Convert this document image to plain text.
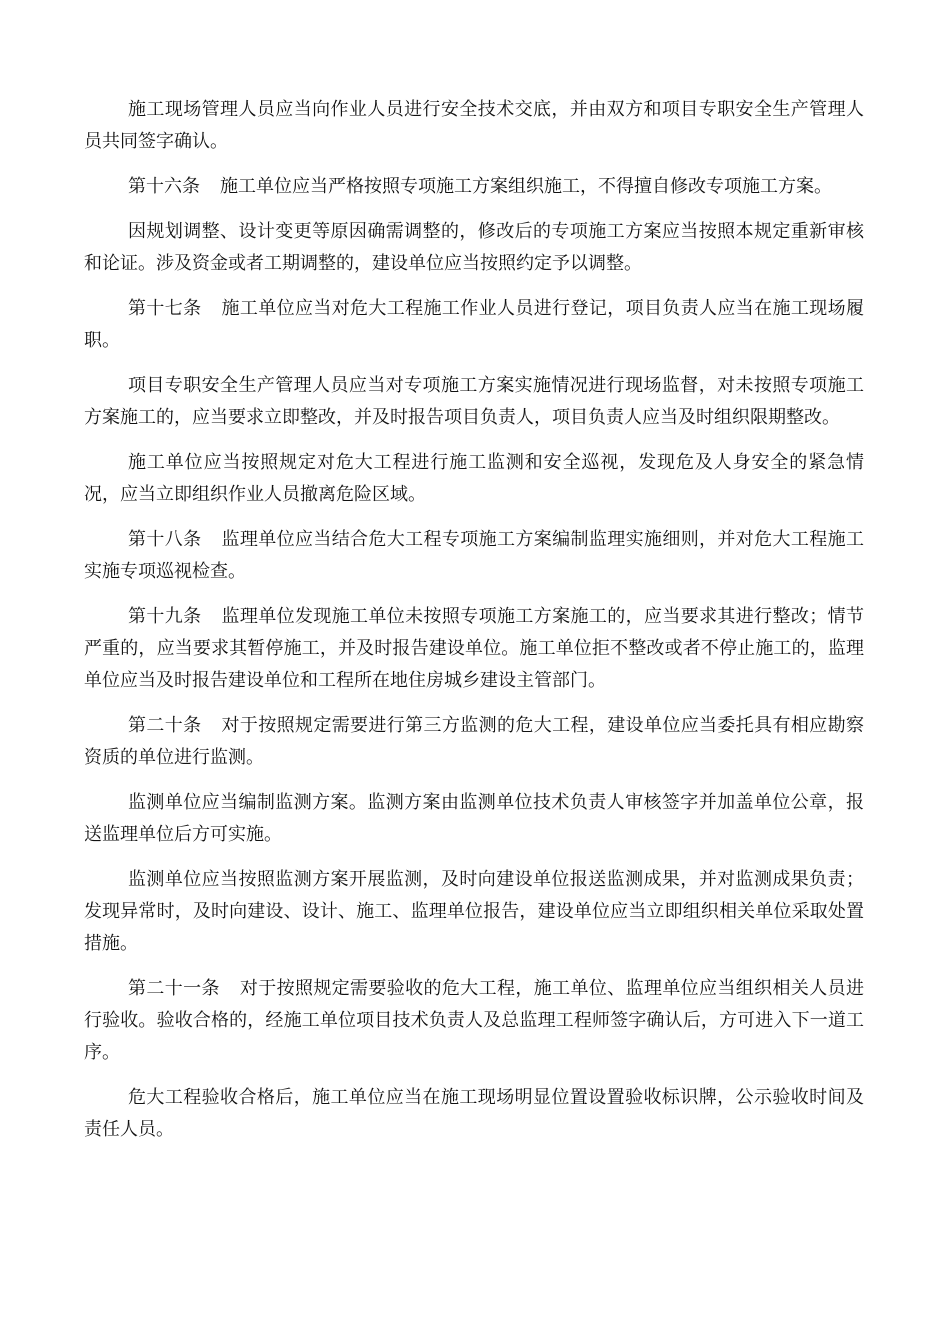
施工现场管理人员应当向作业人员进行安全技术交底，并由双方和项目专职安全生产管理人员共同签字确认。

第十六条 施工单位应当严格按照专项施工方案组织施工，不得擅自修改专项施工方案。

因规划调整、设计变更等原因确需调整的，修改后的专项施工方案应当按照本规定重新审核和论证。涉及资金或者工期调整的，建设单位应当按照约定予以调整。

第十七条 施工单位应当对危大工程施工作业人员进行登记，项目负责人应当在施工现场履职。

项目专职安全生产管理人员应当对专项施工方案实施情况进行现场监督，对未按照专项施工方案施工的，应当要求立即整改，并及时报告项目负责人，项目负责人应当及时组织限期整改。

施工单位应当按照规定对危大工程进行施工监测和安全巡视，发现危及人身安全的紧急情况，应当立即组织作业人员撤离危险区域。

第十八条 监理单位应当结合危大工程专项施工方案编制监理实施细则，并对危大工程施工实施专项巡视检查。

第十九条 监理单位发现施工单位未按照专项施工方案施工的，应当要求其进行整改；情节严重的，应当要求其暂停施工，并及时报告建设单位。施工单位拒不整改或者不停止施工的，监理单位应当及时报告建设单位和工程所在地住房城乡建设主管部门。

第二十条 对于按照规定需要进行第三方监测的危大工程，建设单位应当委托具有相应勘察资质的单位进行监测。

监测单位应当编制监测方案。监测方案由监测单位技术负责人审核签字并加盖单位公章，报送监理单位后方可实施。

监测单位应当按照监测方案开展监测，及时向建设单位报送监测成果，并对监测成果负责；发现异常时，及时向建设、设计、施工、监理单位报告，建设单位应当立即组织相关单位采取处置措施。

第二十一条 对于按照规定需要验收的危大工程，施工单位、监理单位应当组织相关人员进行验收。验收合格的，经施工单位项目技术负责人及总监理工程师签字确认后，方可进入下一道工序。

危大工程验收合格后，施工单位应当在施工现场明显位置设置验收标识牌，公示验收时间及责任人员。
